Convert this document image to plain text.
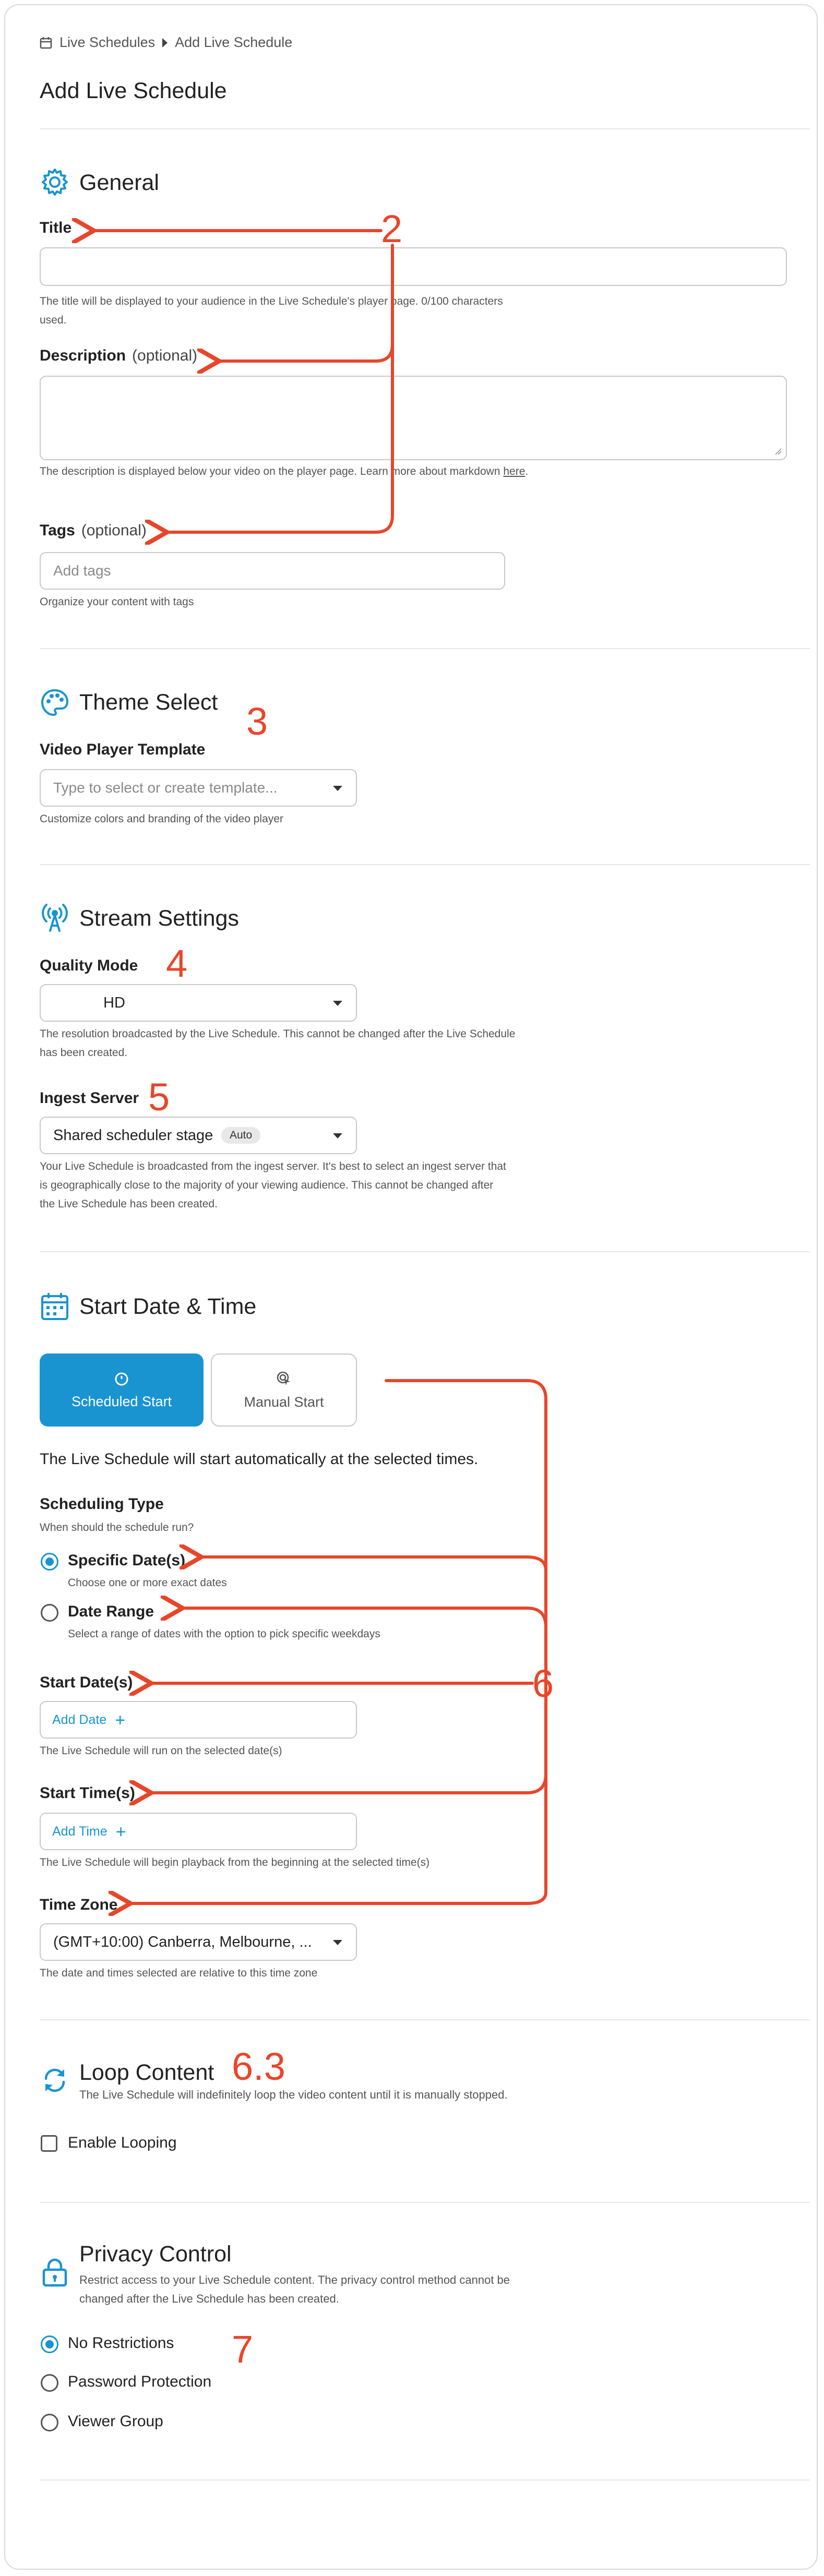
Live Schedules Add Live Schedule
Add Live Schedule
General
Title
The title will be displayed to your audience in the Live Schedule's player page. 0/100 characters used.
Description (optional)
The description is displayed below your video on the player page. Learn more about markdown here.
Tags (optional)
Add tags
Organize your content with tags
Theme Select
Video Player Template
Type to select or create template...
Customize colors and branding of the video player
Stream Settings
Quality Mode
HD
The resolution broadcasted by the Live Schedule. This cannot be changed after the Live Schedule has been created.
Ingest Server
Shared scheduler stage	Auto
Your Live Schedule is broadcasted from the ingest server. It's best to select an ingest server that is geographically close to the majority of your viewing audience. This cannot be changed after the Live Schedule has been created.
Start Date & Time
Scheduled Start	Manual Start
The Live Schedule will start automatically at the selected times.
Scheduling Type
When should the schedule run?
Specific Date(s)
Choose one or more exact dates
Date Range
Select a range of dates with the option to pick specific weekdays
Start Date(s)
Add Date +
The Live Schedule will run on the selected date(s)
Start Time(s)
Add Time +
The Live Schedule will begin playback from the beginning at the selected time(s)
Time Zone
(GMT+10:00) Canberra, Melbourne, ...
The date and times selected are relative to this time zone
Loop Content
The Live Schedule will indefinitely loop the video content until it is manually stopped.
Enable Looping
Privacy Control
Restrict access to your Live Schedule content. The privacy control method cannot be changed after the Live Schedule has been created.
No Restrictions
Password Protection
Viewer Group
2
3
4
5
6
6.3
7
